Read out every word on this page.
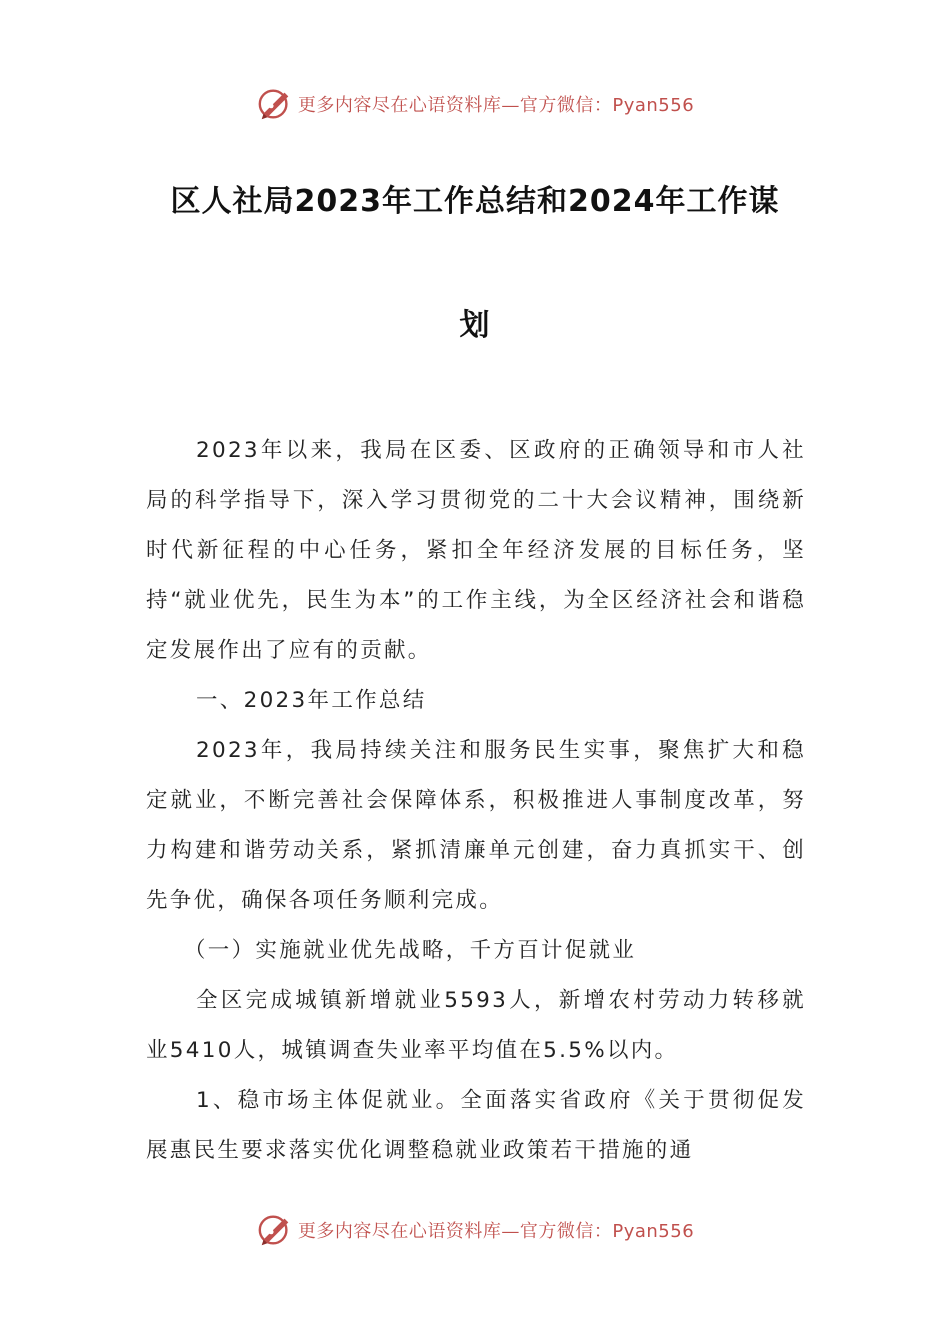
更多内容尽在心语资料库—官方微信：Pyan556
区人社局2023年工作总结和2024年工作谋
划

2023年以来，我局在区委、区政府的正确领导和市人社局的科学指导下，深入学习贯彻党的二十大会议精神，围绕新时代新征程的中心任务，紧扣全年经济发展的目标任务，坚持“就业优先，民生为本”的工作主线，为全区经济社会和谐稳定发展作出了应有的贡献。

一、2023年工作总结

2023年，我局持续关注和服务民生实事，聚焦扩大和稳定就业，不断完善社会保障体系，积极推进人事制度改革，努力构建和谐劳动关系，紧抓清廉单元创建，奋力真抓实干、创先争优，确保各项任务顺利完成。

（一）实施就业优先战略，千方百计促就业

全区完成城镇新增就业5593人，新增农村劳动力转移就业5410人，城镇调查失业率平均值在5.5%以内。

1、稳市场主体促就业。全面落实省政府《关于贯彻促发展惠民生要求落实优化调整稳就业政策若干措施的通

更多内容尽在心语资料库—官方微信：Pyan556
